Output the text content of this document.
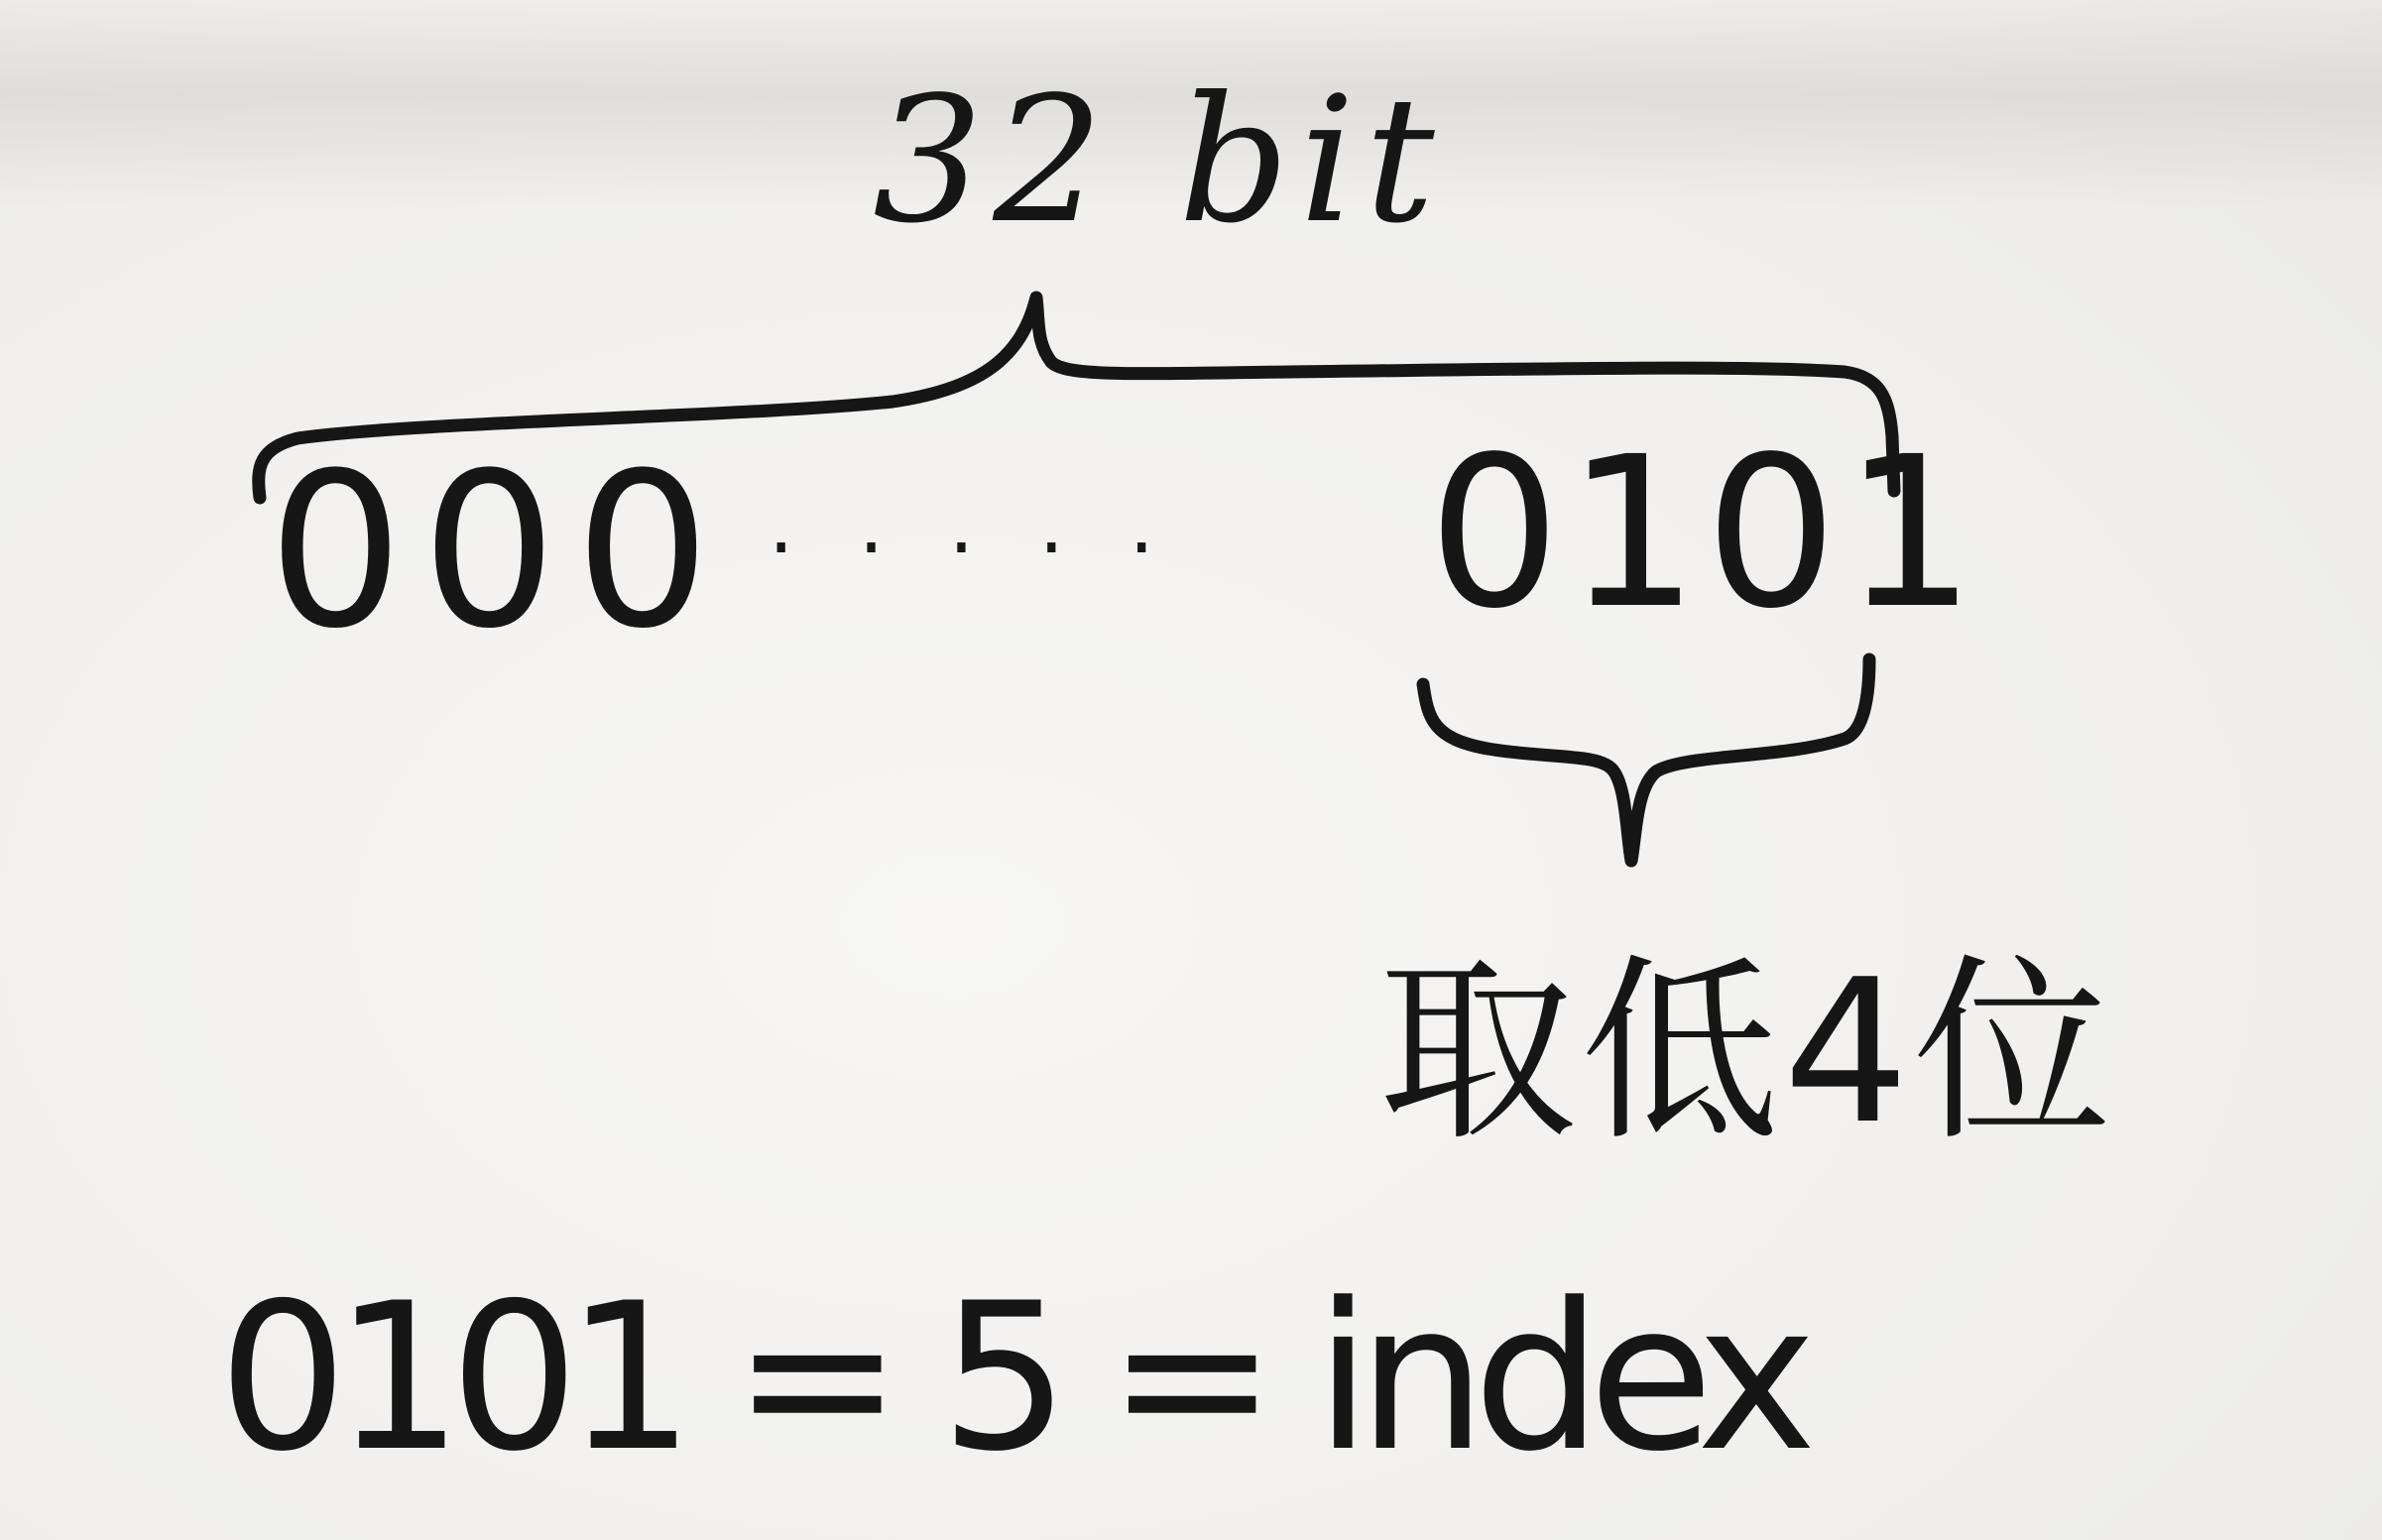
32 bit
000 · · · · · 0101
取低4位
0101 = 5 = index
